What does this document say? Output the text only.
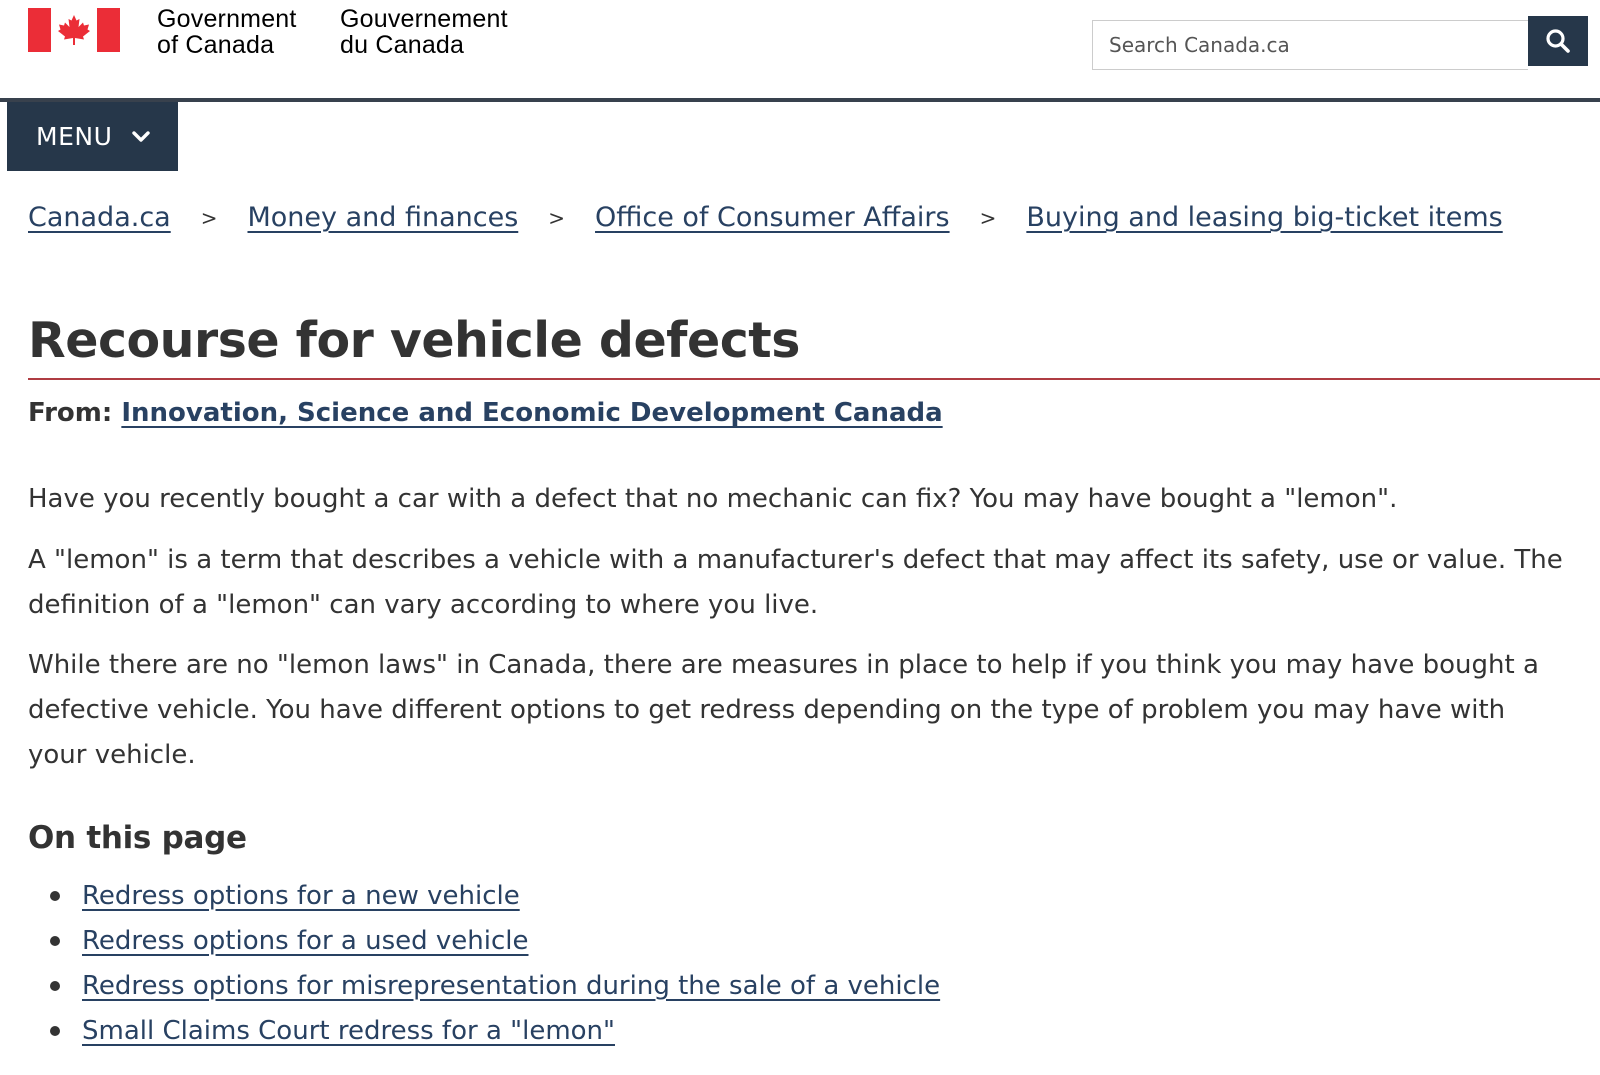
Government
of Canada
Gouvernement
du Canada
Search Canada.ca
MENU
Canada.ca > Money and finances > Office of Consumer Affairs > Buying and leasing big-ticket items
Recourse for vehicle defects
From: Innovation, Science and Economic Development Canada

Have you recently bought a car with a defect that no mechanic can fix? You may have bought a "lemon".

A "lemon" is a term that describes a vehicle with a manufacturer's defect that may affect its safety, use or value. The definition of a "lemon" can vary according to where you live.

While there are no "lemon laws" in Canada, there are measures in place to help if you think you may have bought a defective vehicle. You have different options to get redress depending on the type of problem you may have with your vehicle.

On this page
Redress options for a new vehicle
Redress options for a used vehicle
Redress options for misrepresentation during the sale of a vehicle
Small Claims Court redress for a "lemon"
